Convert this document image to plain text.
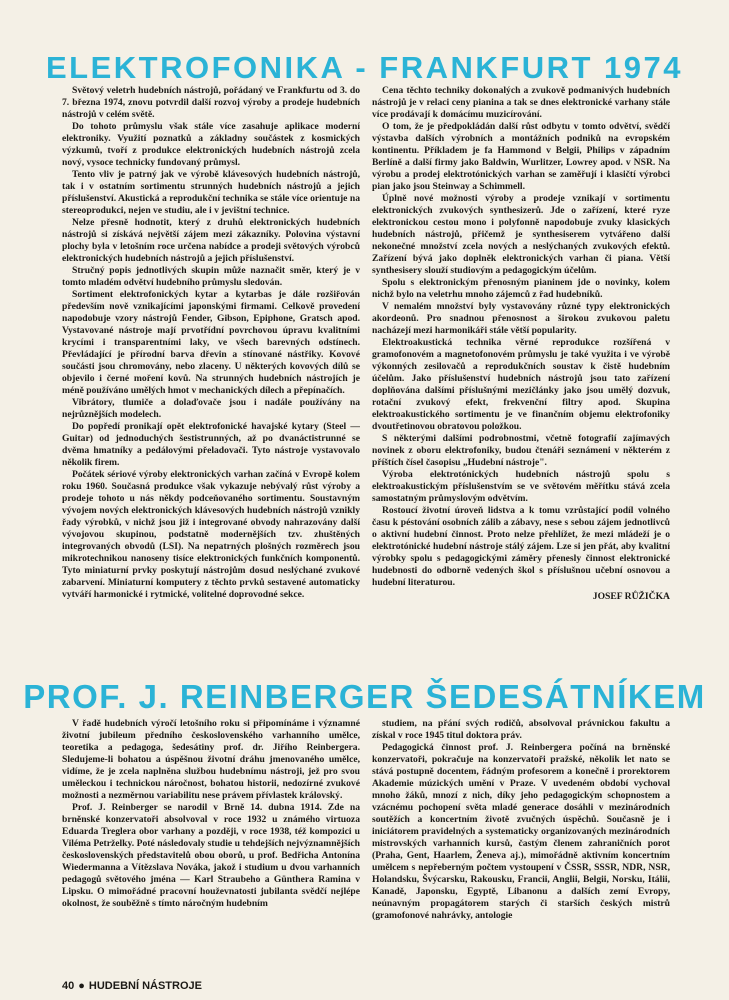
ELEKTROFONIKA - FRANKFURT 1974

Světový veletrh hudebních nástrojů, pořádaný ve Frankfurtu od 3. do 7. března 1974, znovu potvrdil další rozvoj výroby a prodeje hudebních nástrojů v celém světě.

Do tohoto průmyslu však stále více zasahuje aplikace moderní elektroniky. Využití poznatků a základny součástek z kosmických výzkumů, tvoří z produkce elektronických hudebních nástrojů zcela nový, vysoce technicky fundovaný průmysl.

Tento vliv je patrný jak ve výrobě klávesových hudebních nástrojů, tak i v ostatním sortimentu strunných hudebních nástrojů a jejich příslušenství. Akustická a reprodukční technika se stále více orientuje na stereoprodukci, nejen ve studiu, ale i v jevištní technice.

Nelze přesně hodnotit, který z druhů elektronických hudebních nástrojů si získává největší zájem mezi zákazníky. Polovina výstavní plochy byla v letošním roce určena nabídce a prodeji světových výrobců elektronických hudebních nástrojů a jejich příslušenství.

Stručný popis jednotlivých skupin může naznačit směr, který je v tomto mladém odvětví hudebního průmyslu sledován.

Sortiment elektrofonických kytar a kytarbas je dále rozšiřován především nově vznikajícími japonskými firmami. Celkově provedení napodobuje vzory nástrojů Fender, Gibson, Epiphone, Gratsch apod. Vystavované nástroje mají prvotřídní povrchovou úpravu kvalitními krycími i transparentními laky, ve všech barevných odstínech. Převládající je přírodní barva dřevin a stínované nástřiky. Kovové součásti jsou chromovány, nebo zlaceny. U některých kovových dílů se objevilo i černé moření kovů. Na strunných hudebních nástrojích je méně používáno umělých hmot v mechanických dílech a přepínačích.

Vibrátory, tlumiče a dolaďovače jsou i nadále používány na nejrůznějších modelech.

Do popředí pronikají opět elektrofonické havajské kytary (Steel — Guitar) od jednoduchých šestistrunných, až po dvanáctistrunné se dvěma hmatníky a pedálovými přeladovači. Tyto nástroje vystavovalo několik firem.

Počátek sériové výroby elektronických varhan začíná v Evropě kolem roku 1960. Současná produkce však vykazuje nebývalý růst výroby a prodeje tohoto u nás někdy podceňovaného sortimentu. Soustavným vývojem nových elektronických klávesových hudebních nástrojů vznikly řady výrobků, v nichž jsou již i integrované obvody nahrazovány další vývojovou skupinou, podstatně modernějších tzv. zhuštěných integrovaných obvodů (LSI). Na nepatrných plošných rozměrech jsou mikrotechnikou nanoseny tisíce elektronických funkčních komponentů. Tyto miniaturní prvky poskytují nástrojům dosud neslýchané zvukové zabarvení. Miniaturní komputery z těchto prvků sestavené automaticky vytváří harmonické i rytmické, volitelné doprovodné sekce.

Cena těchto techniky dokonalých a zvukově podmanivých hudebních nástrojů je v relaci ceny pianina a tak se dnes elektronické varhany stále více prodávají k domácímu muzicírování.

O tom, že je předpokládán další růst odbytu v tomto odvětví, svědčí výstavba dalších výrobních a montážních podniků na evropském kontinentu. Příkladem je fa Hammond v Belgii, Philips v západním Berlíně a další firmy jako Baldwin, Wurlitzer, Lowrey apod. v NSR. Na výrobu a prodej elektrotónických varhan se zaměřují i klasičtí výrobci pian jako jsou Steinway a Schimmell.

Úplně nové možnosti výroby a prodeje vznikají v sortimentu elektronických zvukových synthesizerů. Jde o zařízení, které ryze elektronickou cestou mono i polyfonně napodobuje zvuky klasických hudebních nástrojů, přičemž je synthesiserem vytvářeno další nekonečné množství zcela nových a neslýchaných zvukových efektů. Zařízení bývá jako doplněk elektronických varhan či piana. Větší synthesisery slouží studiovým a pedagogickým účelům.

Spolu s elektronickým přenosným pianinem jde o novinky, kolem nichž bylo na veletrhu mnoho zájemců z řad hudebníků.

V nemalém množství byly vystavovány různé typy elektronických akordeonů. Pro snadnou přenosnost a širokou zvukovou paletu nacházejí mezi harmonikáři stále větší popularity.

Elektroakustická technika věrné reprodukce rozšířená v gramofonovém a magnetofonovém průmyslu je také využita i ve výrobě výkonných zesilovačů a reprodukčních soustav k čistě hudebním účelům. Jako příslušenství hudebních nástrojů jsou tato zařízení doplňována dalšími příslušnými mezičlánky jako jsou umělý dozvuk, rotační zvukový efekt, frekvenční filtry apod. Skupina elektroakustického sortimentu je ve finančním objemu elektrofoniky dvoutřetinovou obratovou položkou.

S některými dalšími podrobnostmi, včetně fotografií zajímavých novinek z oboru elektrofoniky, budou čtenáři seznámeni v některém z příštích čísel časopisu „Hudební nástroje".

Výroba elektrotónických hudebních nástrojů spolu s elektroakustickým příslušenstvím se ve světovém měřítku stává zcela samostatným průmyslovým odvětvím.

Rostoucí životní úroveň lidstva a k tomu vzrůstající podíl volného času k péstování osobních zálib a zábavy, nese s sebou zájem jednotlivců o aktivní hudební činnost. Proto nelze přehlížet, že mezi mládeží je o elektrotónické hudební nástroje stálý zájem. Lze si jen přát, aby kvalitní výrobky spolu s pedagogickými záměry přenesly činnost elektronické hudebnosti do odborně vedených škol s příslušnou učební osnovou a hudební literaturou.

JOSEF RŮŽIČKA

PROF. J. REINBERGER ŠEDESÁTNÍKEM

V řadě hudebních výročí letošního roku si připomínáme i významné životní jubileum předního československého varhanního umělce, teoretika a pedagoga, šedesátiny prof. dr. Jiřího Reinbergera. Sledujeme-li bohatou a úspěšnou životní dráhu jmenovaného umělce, vidíme, že je zcela naplněna službou hudebnímu nástroji, jež pro svou uměleckou i technickou náročnost, bohatou historii, nedozírné zvukové možnosti a nezměrnou variabilitu nese právem přívlastek královský.

Prof. J. Reinberger se narodil v Brně 14. dubna 1914. Zde na brněnské konzervatoři absolvoval v roce 1932 u známého virtuoza Eduarda Treglera obor varhany a později, v roce 1938, též kompozici u Viléma Petrželky. Poté následovaly studie u tehdejších nejvýznamnějších československých představitelů obou oborů, u prof. Bedřicha Antonína Wiedermanna a Vítězslava Nováka, jakož i studium u dvou varhanních pedagogů světového jména — Karl Straubeho a Günthera Ramina v Lipsku. O mimořádné pracovní houževnatosti jubilanta svědčí nejlépe okolnost, že souběžně s tímto náročným hudebním

studiem, na přání svých rodičů, absolvoval právnickou fakultu a získal v roce 1945 titul doktora práv.

Pedagogická činnost prof. J. Reinbergera počíná na brněnské konzervatoři, pokračuje na konzervatoři pražské, několik let nato se stává postupně docentem, řádným profesorem a konečně i prorektorem Akademie múzických umění v Praze. V uvedeném období vychoval mnoho žáků, mnozí z nich, díky jeho pedagogickým schopnostem a vzácnému pochopení světa mladé generace dosáhli v mezinárodních soutěžích a koncertním životě zvučných úspěchů. Současně je i iniciátorem pravidelných a systematicky organizovaných mezinárodních mistrovských varhanních kursů, častým členem zahraničních porot (Praha, Gent, Haarlem, Ženeva aj.), mimořádně aktivním koncertním umělcem s nepřeberným počtem vystoupení v ČSSR, SSSR, NDR, NSR, Holandsku, Švýcarsku, Rakousku, Francii, Anglii, Belgii, Norsku, Itálii, Kanadě, Japonsku, Egyptě, Libanonu a dalších zemí Evropy, neúnavným propagátorem starých či starších českých mistrů (gramofonové nahrávky, antologie

40 ● HUDEBNÍ NÁSTROJE
